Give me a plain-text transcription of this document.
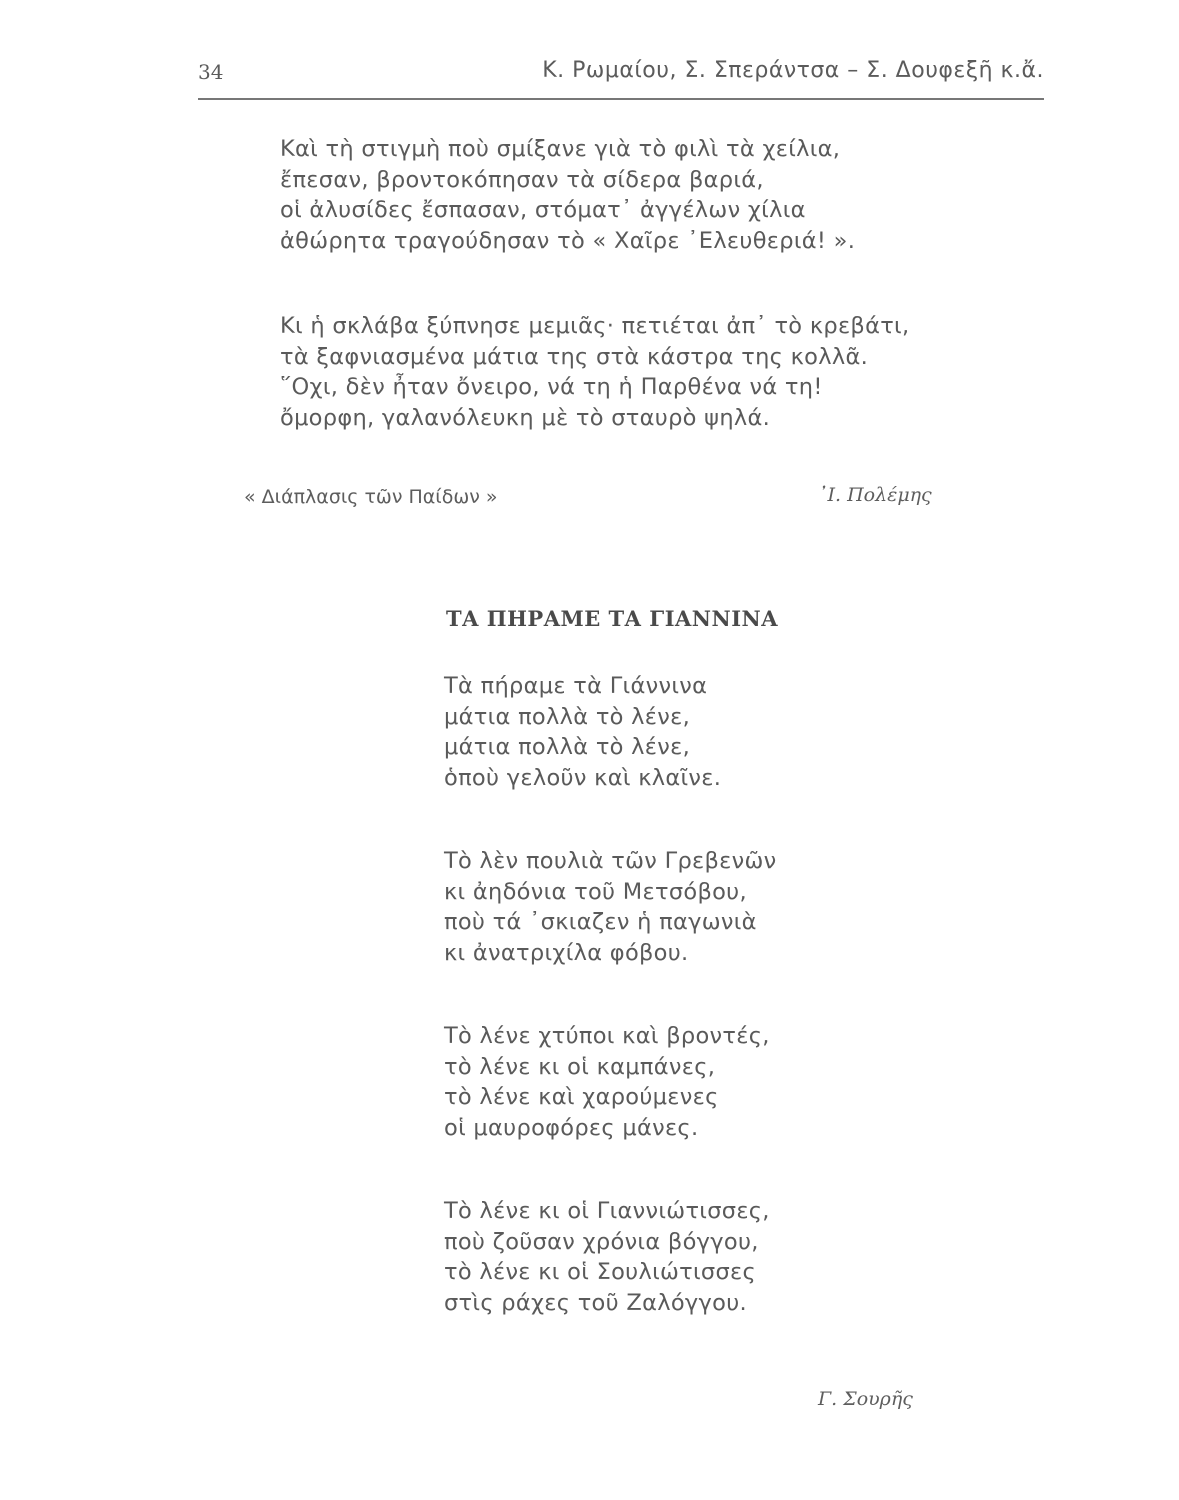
34	Κ. Ρωμαίου, Σ. Σπεράντσα – Σ. Δουφεξῆ κ.ἄ.
Καὶ τὴ στιγμὴ ποὺ σμίξανε γιὰ τὸ φιλὶ τὰ χείλια,
ἔπεσαν, βροντοκόπησαν τὰ σίδερα βαριά,
οἱ ἀλυσίδες ἔσπασαν, στόματ᾿ ἀγγέλων χίλια
ἀθώρητα τραγούδησαν τὸ « Χαῖρε ᾿Ελευθεριά! ».
Κι ἡ σκλάβα ξύπνησε μεμιᾶς· πετιέται ἀπ᾿ τὸ κρεβάτι,
τὰ ξαφνιασμένα μάτια της στὰ κάστρα της κολλᾶ.
῞Οχι, δὲν ἦταν ὄνειρο, νά τη ἡ Παρθένα νά τη!
ὄμορφη, γαλανόλευκη μὲ τὸ σταυρὸ ψηλά.
« Διάπλασις τῶν Παίδων »	᾿Ι. Πολέμης
ΤΑ ΠΗΡΑΜΕ ΤΑ ΓΙΑΝΝΙΝΑ
Τὰ πήραμε τὰ Γιάννινα
μάτια πολλὰ τὸ λένε,
μάτια πολλὰ τὸ λένε,
ὁποὺ γελοῦν καὶ κλαῖνε.
Τὸ λὲν πουλιὰ τῶν Γρεβενῶν
κι ἀηδόνια τοῦ Μετσόβου,
ποὺ τά ᾿σκιαζεν ἡ παγωνιὰ
κι ἀνατριχίλα φόβου.
Τὸ λένε χτύποι καὶ βροντές,
τὸ λένε κι οἱ καμπάνες,
τὸ λένε καὶ χαρούμενες
οἱ μαυροφόρες μάνες.
Τὸ λένε κι οἱ Γιαννιώτισσες,
ποὺ ζοῦσαν χρόνια βόγγου,
τὸ λένε κι οἱ Σουλιώτισσες
στὶς ράχες τοῦ Ζαλόγγου.
Γ. Σουρῆς
